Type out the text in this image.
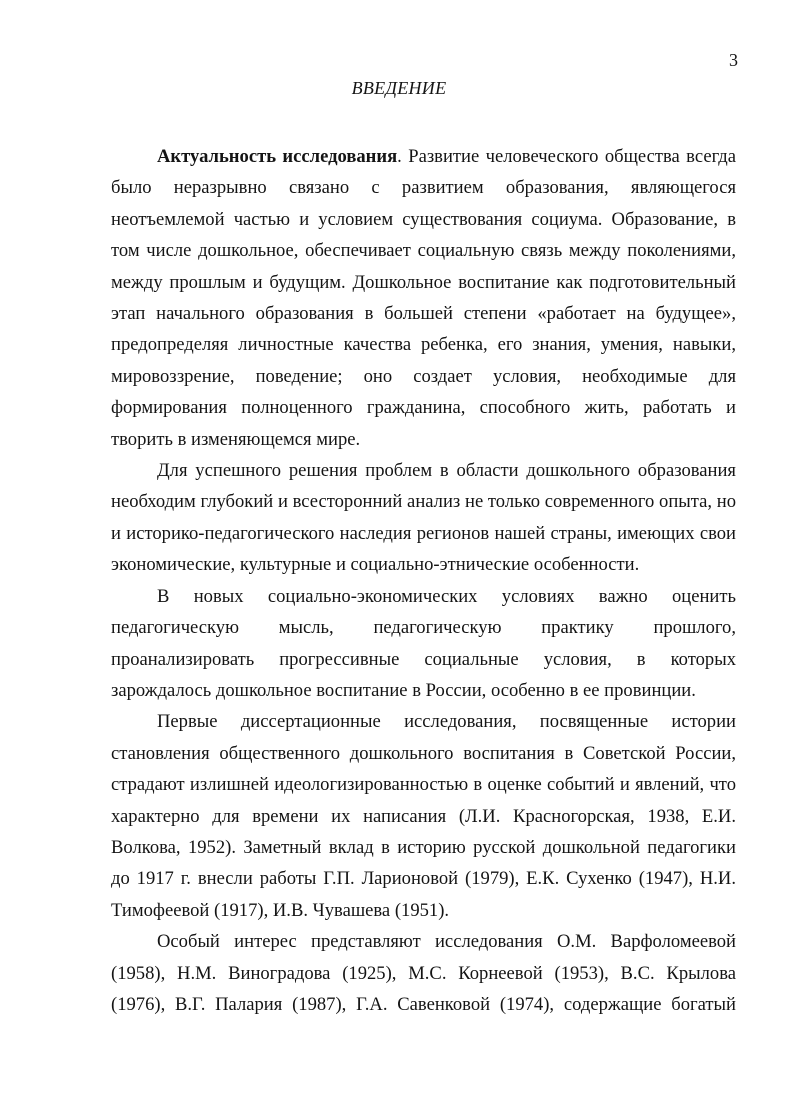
3
ВВЕДЕНИЕ

Актуальность исследования. Развитие человеческого общества всегда было неразрывно связано с развитием образования, являющегося неотъемлемой частью и условием существования социума. Образование, в том числе дошкольное, обеспечивает социальную связь между поколениями, между прошлым и будущим. Дошкольное воспитание как подготовительный этап начального образования в большей степени «работает на будущее», предопределяя личностные качества ребенка, его знания, умения, навыки, мировоззрение, поведение; оно создает условия, необходимые для формирования полноценного гражданина, способного жить, работать и творить в изменяющемся мире.

Для успешного решения проблем в области дошкольного образования необходим глубокий и всесторонний анализ не только современного опыта, но и историко-педагогического наследия регионов нашей страны, имеющих свои экономические, культурные и социально-этнические особенности.

В новых социально-экономических условиях важно оценить педагогическую мысль, педагогическую практику прошлого, проанализировать прогрессивные социальные условия, в которых зарождалось дошкольное воспитание в России, особенно в ее провинции.

Первые диссертационные исследования, посвященные истории становления общественного дошкольного воспитания в Советской России, страдают излишней идеологизированностью в оценке событий и явлений, что характерно для времени их написания (Л.И. Красногорская, 1938, Е.И. Волкова, 1952). Заметный вклад в историю русской дошкольной педагогики до 1917 г. внесли работы Г.П. Ларионовой (1979), Е.К. Сухенко (1947), Н.И. Тимофеевой (1917), И.В. Чувашева (1951).

Особый интерес представляют исследования О.М. Варфоломеевой (1958), Н.М. Виноградова (1925), М.С. Корнеевой (1953), В.С. Крылова (1976), В.Г. Палария (1987), Г.А. Савенковой (1974), содержащие богатый
